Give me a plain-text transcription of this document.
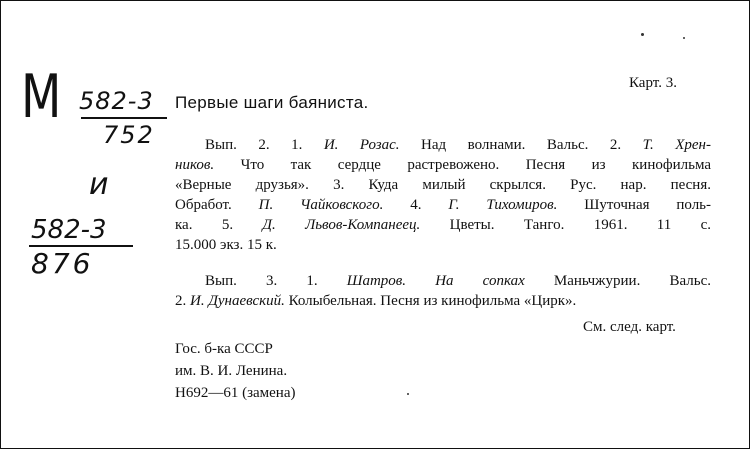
М 582-3
752
и
582-3
876
Карт. 3.
Первые шаги баяниста.
Вып. 2. 1. И. Розас. Над волнами. Вальс. 2. Т. Хрен-
ников. Что так сердце растревожено. Песня из кинофильма
«Верные друзья». 3. Куда милый скрылся. Рус. нар. песня.
Обработ. П. Чайковского. 4. Г. Тихомиров. Шуточная поль-
ка. 5. Д. Львов-Компанеец. Цветы. Танго. 1961. 11 с.
15.000 экз. 15 к.
Вып. 3. 1. Шатров. На сопках Маньчжурии. Вальс.
2. И. Дунаевский. Колыбельная. Песня из кинофильма «Цирк».
См. след. карт.
Гос. б-ка СССР
им. В. И. Ленина.
Н692—61 (замена)
